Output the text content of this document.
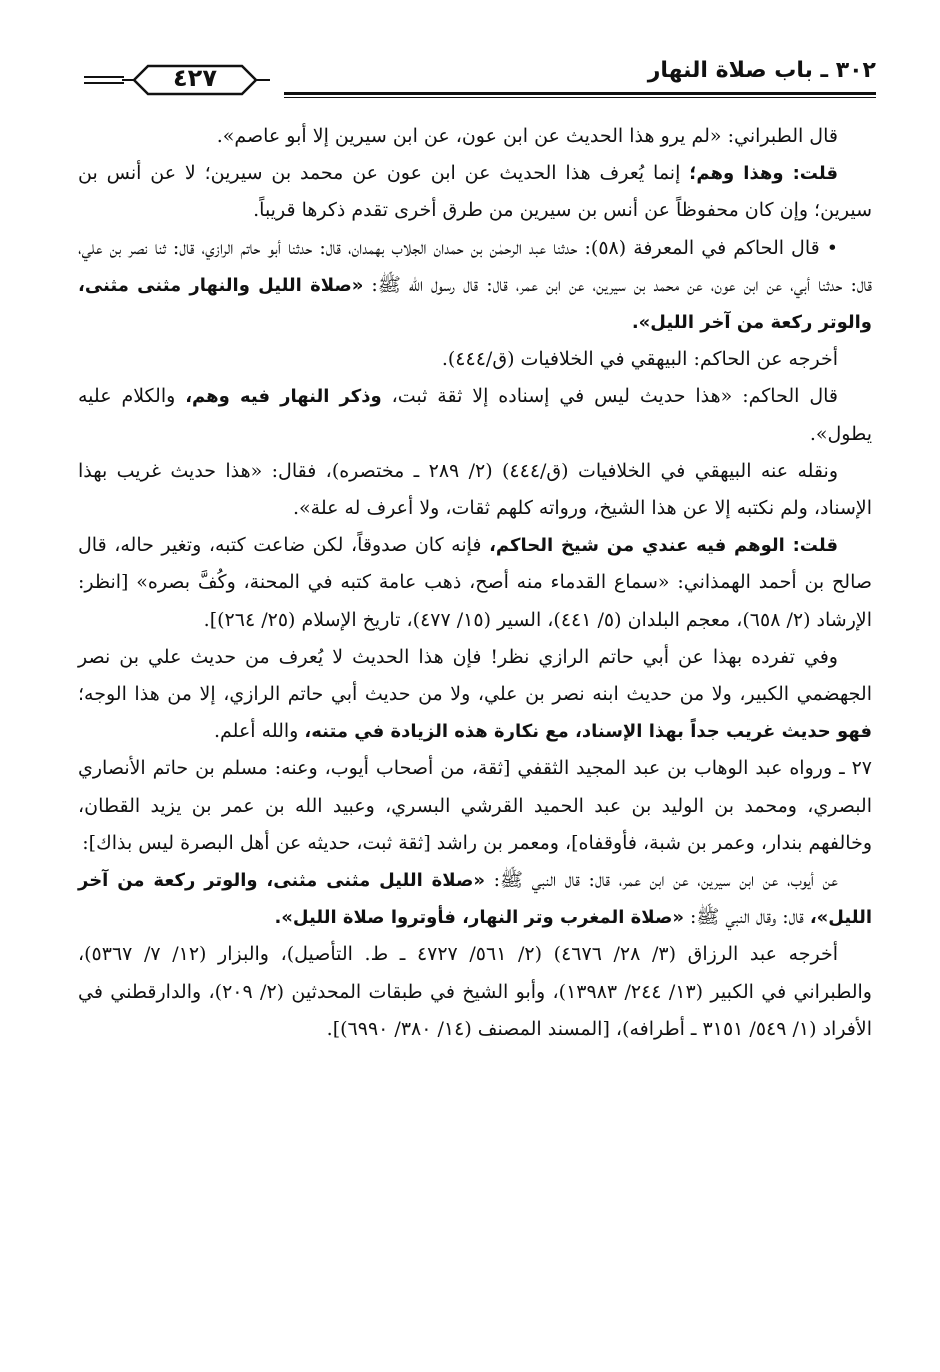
٣٠٢ ـ باب صلاة النهار
٤٢٧

قال الطبراني: «لم يرو هذا الحديث عن ابن عون، عن ابن سيرين إلا أبو عاصم».

قلت: وهذا وهم؛ إنما يُعرف هذا الحديث عن ابن عون عن محمد بن سيرين؛ لا عن أنس بن سيرين؛ وإن كان محفوظاً عن أنس بن سيرين من طرق أخرى تقدم ذكرها قريباً.

• قال الحاكم في المعرفة (٥٨): حدثنا عبد الرحمٰن بن حمدان الجلاب بهمدان، قال: حدثنا أبو حاتم الرازي، قال: ثنا نصر بن علي، قال: حدثنا أبي، عن ابن عون، عن محمد بن سيرين، عن ابن عمر، قال: قال رسول الله ﷺ: «صلاة الليل والنهار مثنى مثنى، والوتر ركعة من آخر الليل».

أخرجه عن الحاكم: البيهقي في الخلافيات (ق/٤٤٤).

قال الحاكم: «هذا حديث ليس في إسناده إلا ثقة ثبت، وذكر النهار فيه وهم، والكلام عليه يطول».

ونقله عنه البيهقي في الخلافيات (ق/٤٤٤) (٢/ ٢٨٩ ـ مختصره)، فقال: «هذا حديث غريب بهذا الإسناد، ولم نكتبه إلا عن هذا الشيخ، ورواته كلهم ثقات، ولا أعرف له علة».

قلت: الوهم فيه عندي من شيخ الحاكم، فإنه كان صدوقاً، لكن ضاعت كتبه، وتغير حاله، قال صالح بن أحمد الهمذاني: «سماع القدماء منه أصح، ذهب عامة كتبه في المحنة، وكُفَّ بصره» [انظر: الإرشاد (٢/ ٦٥٨)، معجم البلدان (٥/ ٤٤١)، السير (١٥/ ٤٧٧)، تاريخ الإسلام (٢٥/ ٢٦٤)].

وفي تفرده بهذا عن أبي حاتم الرازي نظر! فإن هذا الحديث لا يُعرف من حديث علي بن نصر الجهضمي الكبير، ولا من حديث ابنه نصر بن علي، ولا من حديث أبي حاتم الرازي، إلا من هذا الوجه؛ فهو حديث غريب جداً بهذا الإسناد، مع نكارة هذه الزيادة في متنه، والله أعلم.

٢٧ ـ ورواه عبد الوهاب بن عبد المجيد الثقفي [ثقة، من أصحاب أيوب، وعنه: مسلم بن حاتم الأنصاري البصري، ومحمد بن الوليد بن عبد الحميد القرشي البسري، وعبيد الله بن عمر بن يزيد القطان، وخالفهم بندار، وعمر بن شبة، فأوقفاه]، ومعمر بن راشد [ثقة ثبت، حديثه عن أهل البصرة ليس بذاك]:

عن أيوب، عن ابن سيرين، عن ابن عمر، قال: قال النبي ﷺ: «صلاة الليل مثنى مثنى، والوتر ركعة من آخر الليل»، قال: وقال النبي ﷺ: «صلاة المغرب وتر النهار، فأوتروا صلاة الليل».

أخرجه عبد الرزاق (٣/ ٢٨/ ٤٦٧٦) (٢/ ٥٦١/ ٤٧٢٧ ـ ط. التأصيل)، والبزار (١٢/ ٧/ ٥٣٦٧)، والطبراني في الكبير (١٣/ ٢٤٤/ ١٣٩٨٣)، وأبو الشيخ في طبقات المحدثين (٢/ ٢٠٩)، والدارقطني في الأفراد (١/ ٥٤٩/ ٣١٥١ ـ أطرافه)، [المسند المصنف (١٤/ ٣٨٠/ ٦٩٩٠)].
